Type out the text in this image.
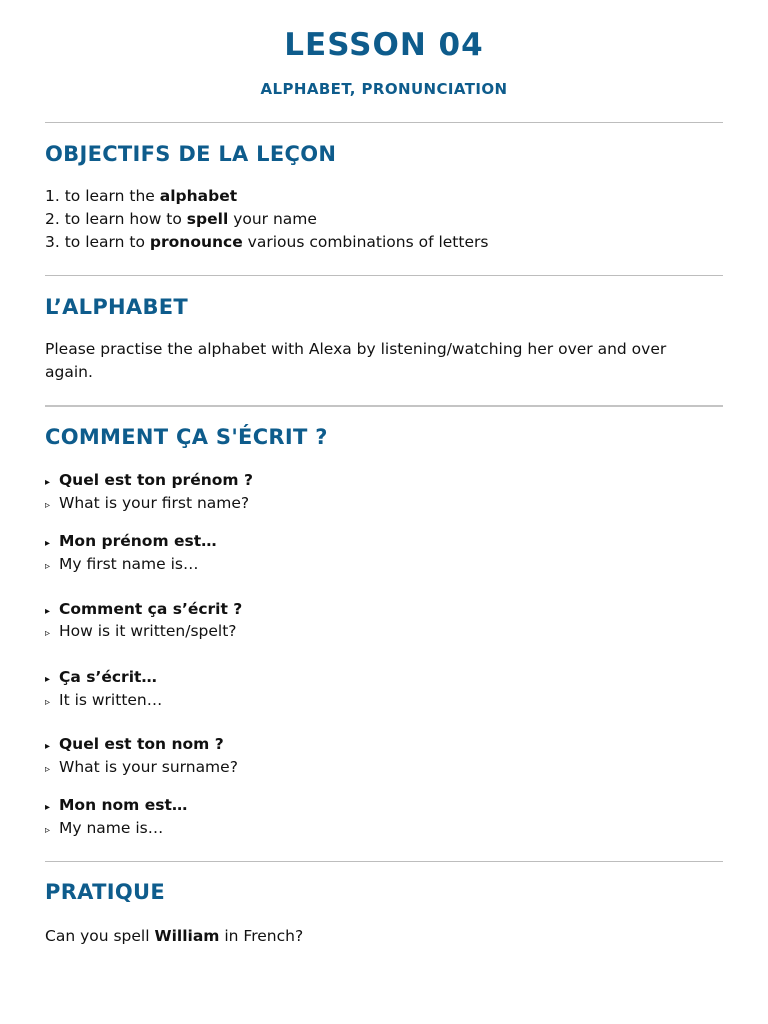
LESSON 04
ALPHABET, PRONUNCIATION
OBJECTIFS DE LA LEÇON
1. to learn the alphabet
2. to learn how to spell your name
3. to learn to pronounce various combinations of letters
L’ALPHABET
Please practise the alphabet with Alexa by listening/watching her over and over again.
COMMENT ÇA S'ÉCRIT ?
▸ Quel est ton prénom ?
▹ What is your first name?
▸ Mon prénom est…
▹ My first name is…
▸ Comment ça s’écrit ?
▹ How is it written/spelt?
▸ Ça s’écrit…
▹ It is written…
▸ Quel est ton nom ?
▹ What is your surname?
▸ Mon nom est…
▹ My name is…
PRATIQUE
Can you spell William in French?
